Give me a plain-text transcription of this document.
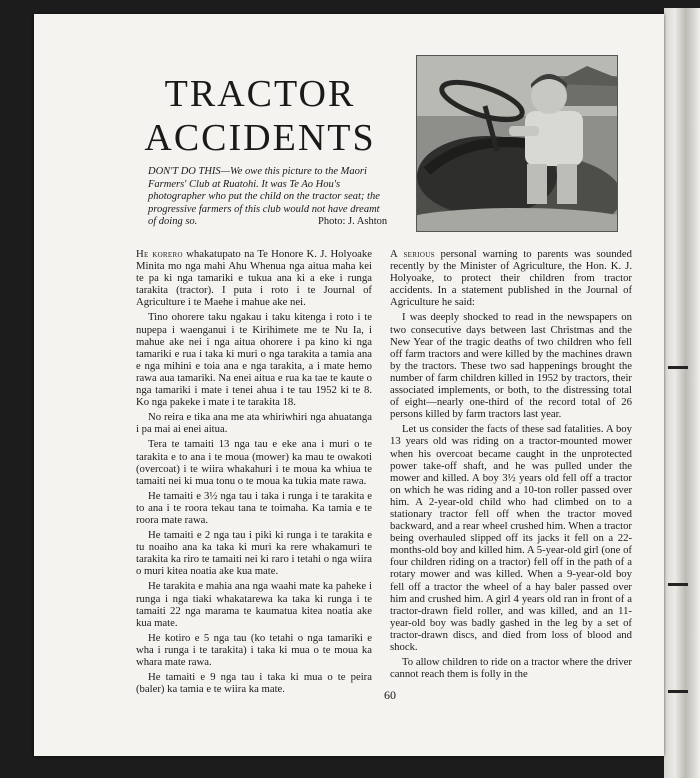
TRACTOR
ACCIDENTS

DON'T DO THIS—We owe this picture to the Maori Farmers' Club at Ruatohi. It was Te Ao Hou's photographer who put the child on the tractor seat; the progressive farmers of this club would not have dreamt of doing so.	Photo: J. Ashton

He korero whakatupato na Te Honore K. J. Holyoake Minita mo nga mahi Ahu Whenua nga aitua maha kei te pa ki nga tamariki e tukua ana ki a eke i runga tarakita (tractor). I puta i roto i te Journal of Agriculture i te Maehe i mahue ake nei.

Tino ohorere taku ngakau i taku kitenga i roto i te nupepa i waenganui i te Kirihimete me te Nu Ia, i mahue ake nei i nga aitua ohorere i pa kino ki nga tamariki e rua i taka ki muri o nga tarakita a tamia ana e nga mihini e toia ana e nga tarakita, a i mate hemo rawa aua tamariki. Na enei aitua e rua ka tae te kaute o nga tamariki i mate i tenei ahua i te tau 1952 ki te 8. Ko nga pakeke i mate i te tarakita 18.

No reira e tika ana me ata whiriwhiri nga ahuatanga i pa mai ai enei aitua.

Tera te tamaiti 13 nga tau e eke ana i muri o te tarakita e to ana i te moua (mower) ka mau te owakoti (overcoat) i te wiira whakahuri i te moua ka whiua te tamaiti nei ki mua tonu o te moua ka tukia mate rawa.

He tamaiti e 3½ nga tau i taka i runga i te tarakita e to ana i te roora tekau tana te toimaha. Ka tamia e te roora mate rawa.

He tamaiti e 2 nga tau i piki ki runga i te tarakita e tu noaiho ana ka taka ki muri ka rere whakamuri te tarakita ka riro te tamaiti nei ki raro i tetahi o nga wiira o muri kitea noatia ake kua mate.

He tarakita e mahia ana nga waahi mate ka paheke i runga i nga tiaki whakatarewa ka taka ki runga i te tamaiti 22 nga marama te kaumatua kitea noatia ake kua mate.

He kotiro e 5 nga tau (ko tetahi o nga tamariki e wha i runga i te tarakita) i taka ki mua o te moua ka whara mate rawa.

He tamaiti e 9 nga tau i taka ki mua o te peira (baler) ka tamia e te wiira ka mate.

A serious personal warning to parents was sounded recently by the Minister of Agriculture, the Hon. K. J. Holyoake, to protect their children from tractor accidents. In a statement published in the Journal of Agriculture he said:

I was deeply shocked to read in the newspapers on two consecutive days between last Christmas and the New Year of the tragic deaths of two children who fell off farm tractors and were killed by the machines drawn by the tractors. These two sad happenings brought the number of farm children killed in 1952 by tractors, their associated implements, or both, to the distressing total of eight—nearly one-third of the record total of 26 persons killed by farm tractors last year.

Let us consider the facts of these sad fatalities. A boy 13 years old was riding on a tractor-mounted mower when his overcoat became caught in the unprotected power take-off shaft, and he was pulled under the mower and killed. A boy 3½ years old fell off a tractor on which he was riding and a 10-ton roller passed over him. A 2-year-old child who had climbed on to a stationary tractor fell off when the tractor moved backward, and a rear wheel crushed him. When a tractor being overhauled slipped off its jacks it fell on a 22-months-old boy and killed him. A 5-year-old girl (one of four children riding on a tractor) fell off in the path of a rotary mower and was killed. When a 9-year-old boy fell off a tractor the wheel of a hay baler passed over him and crushed him. A girl 4 years old ran in front of a tractor-drawn field roller, and was killed, and an 11-year-old boy was badly gashed in the leg by a set of tractor-drawn discs, and died from loss of blood and shock.

To allow children to ride on a tractor where the driver cannot reach them is folly in the

60
